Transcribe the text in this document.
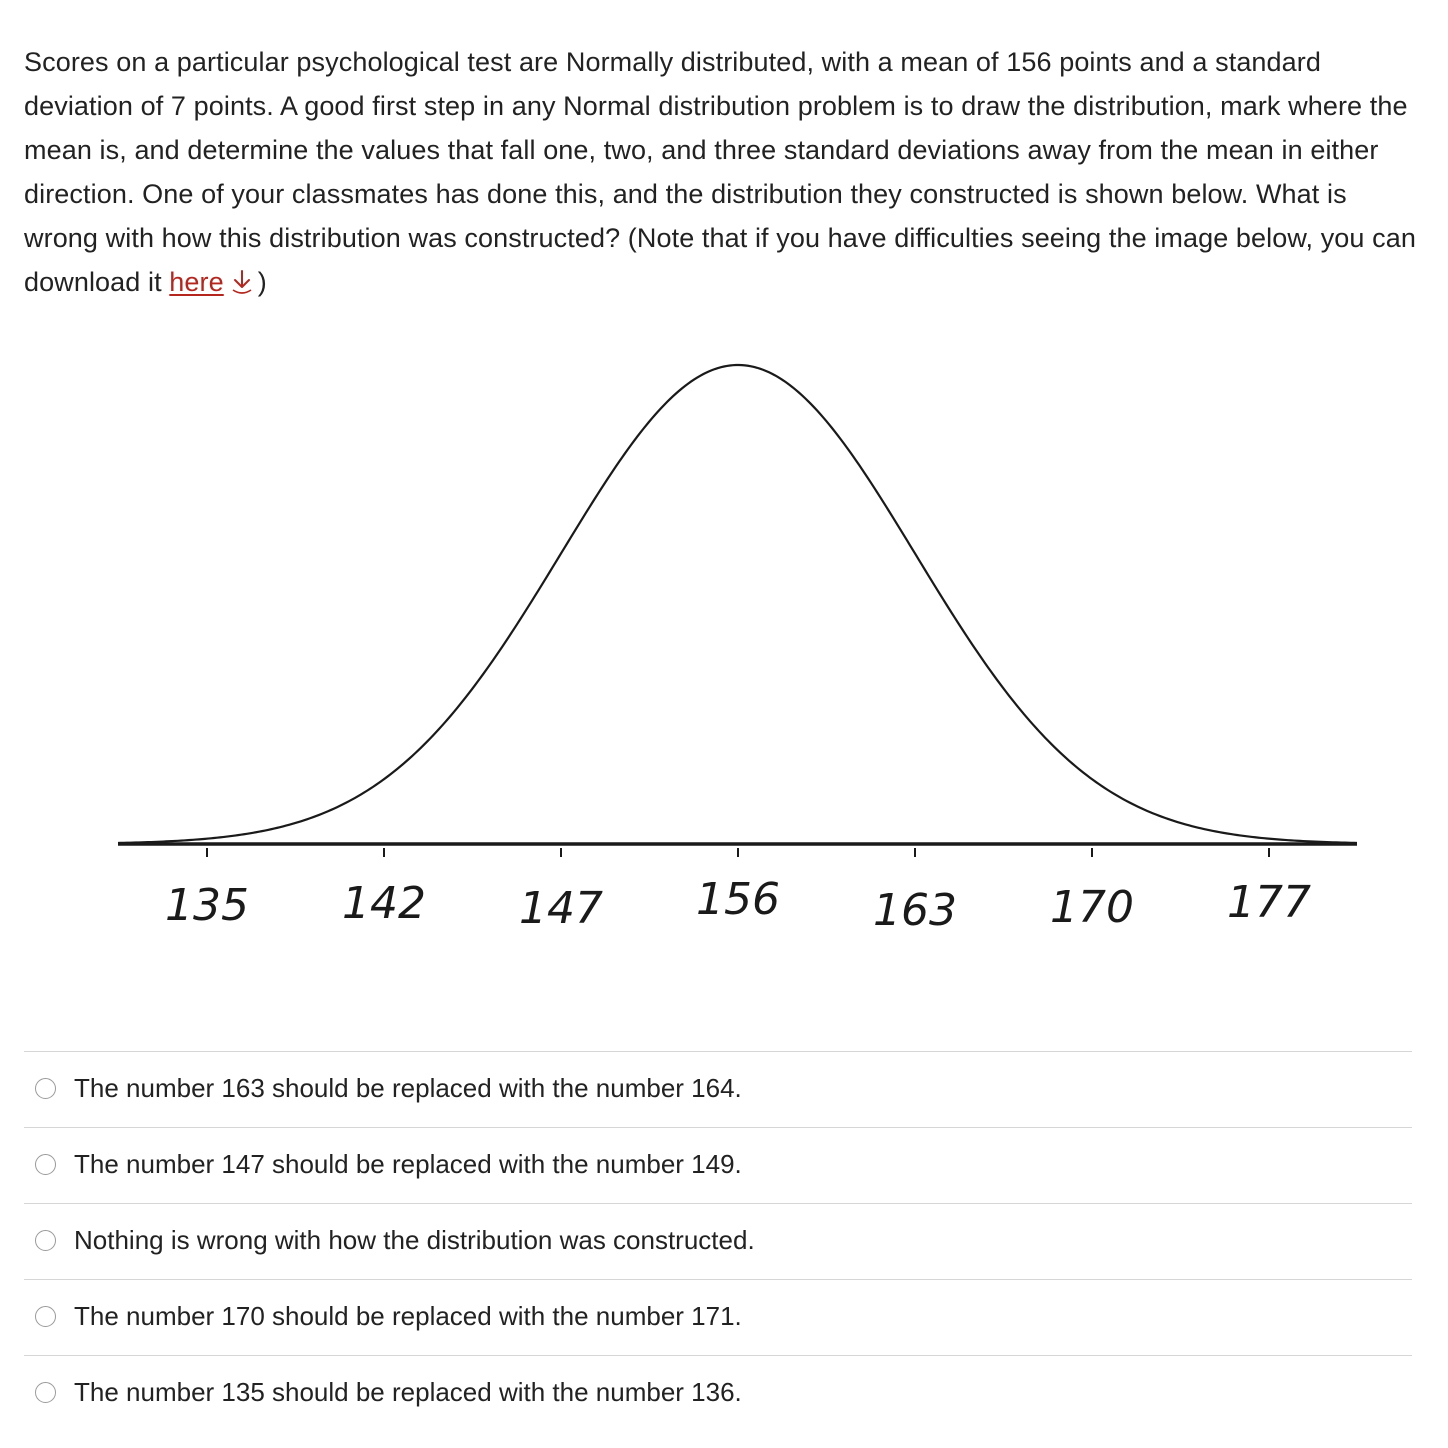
Scores on a particular psychological test are Normally distributed, with a mean of 156 points and a standard deviation of 7 points. A good first step in any Normal distribution problem is to draw the distribution, mark where the mean is, and determine the values that fall one, two, and three standard deviations away from the mean in either direction. One of your classmates has done this, and the distribution they constructed is shown below. What is wrong with how this distribution was constructed? (Note that if you have difficulties seeing the image below, you can download it here )

135 142 147 156 163 170 177
The number 163 should be replaced with the number 164.
The number 147 should be replaced with the number 149.
Nothing is wrong with how the distribution was constructed.
The number 170 should be replaced with the number 171.
The number 135 should be replaced with the number 136.
